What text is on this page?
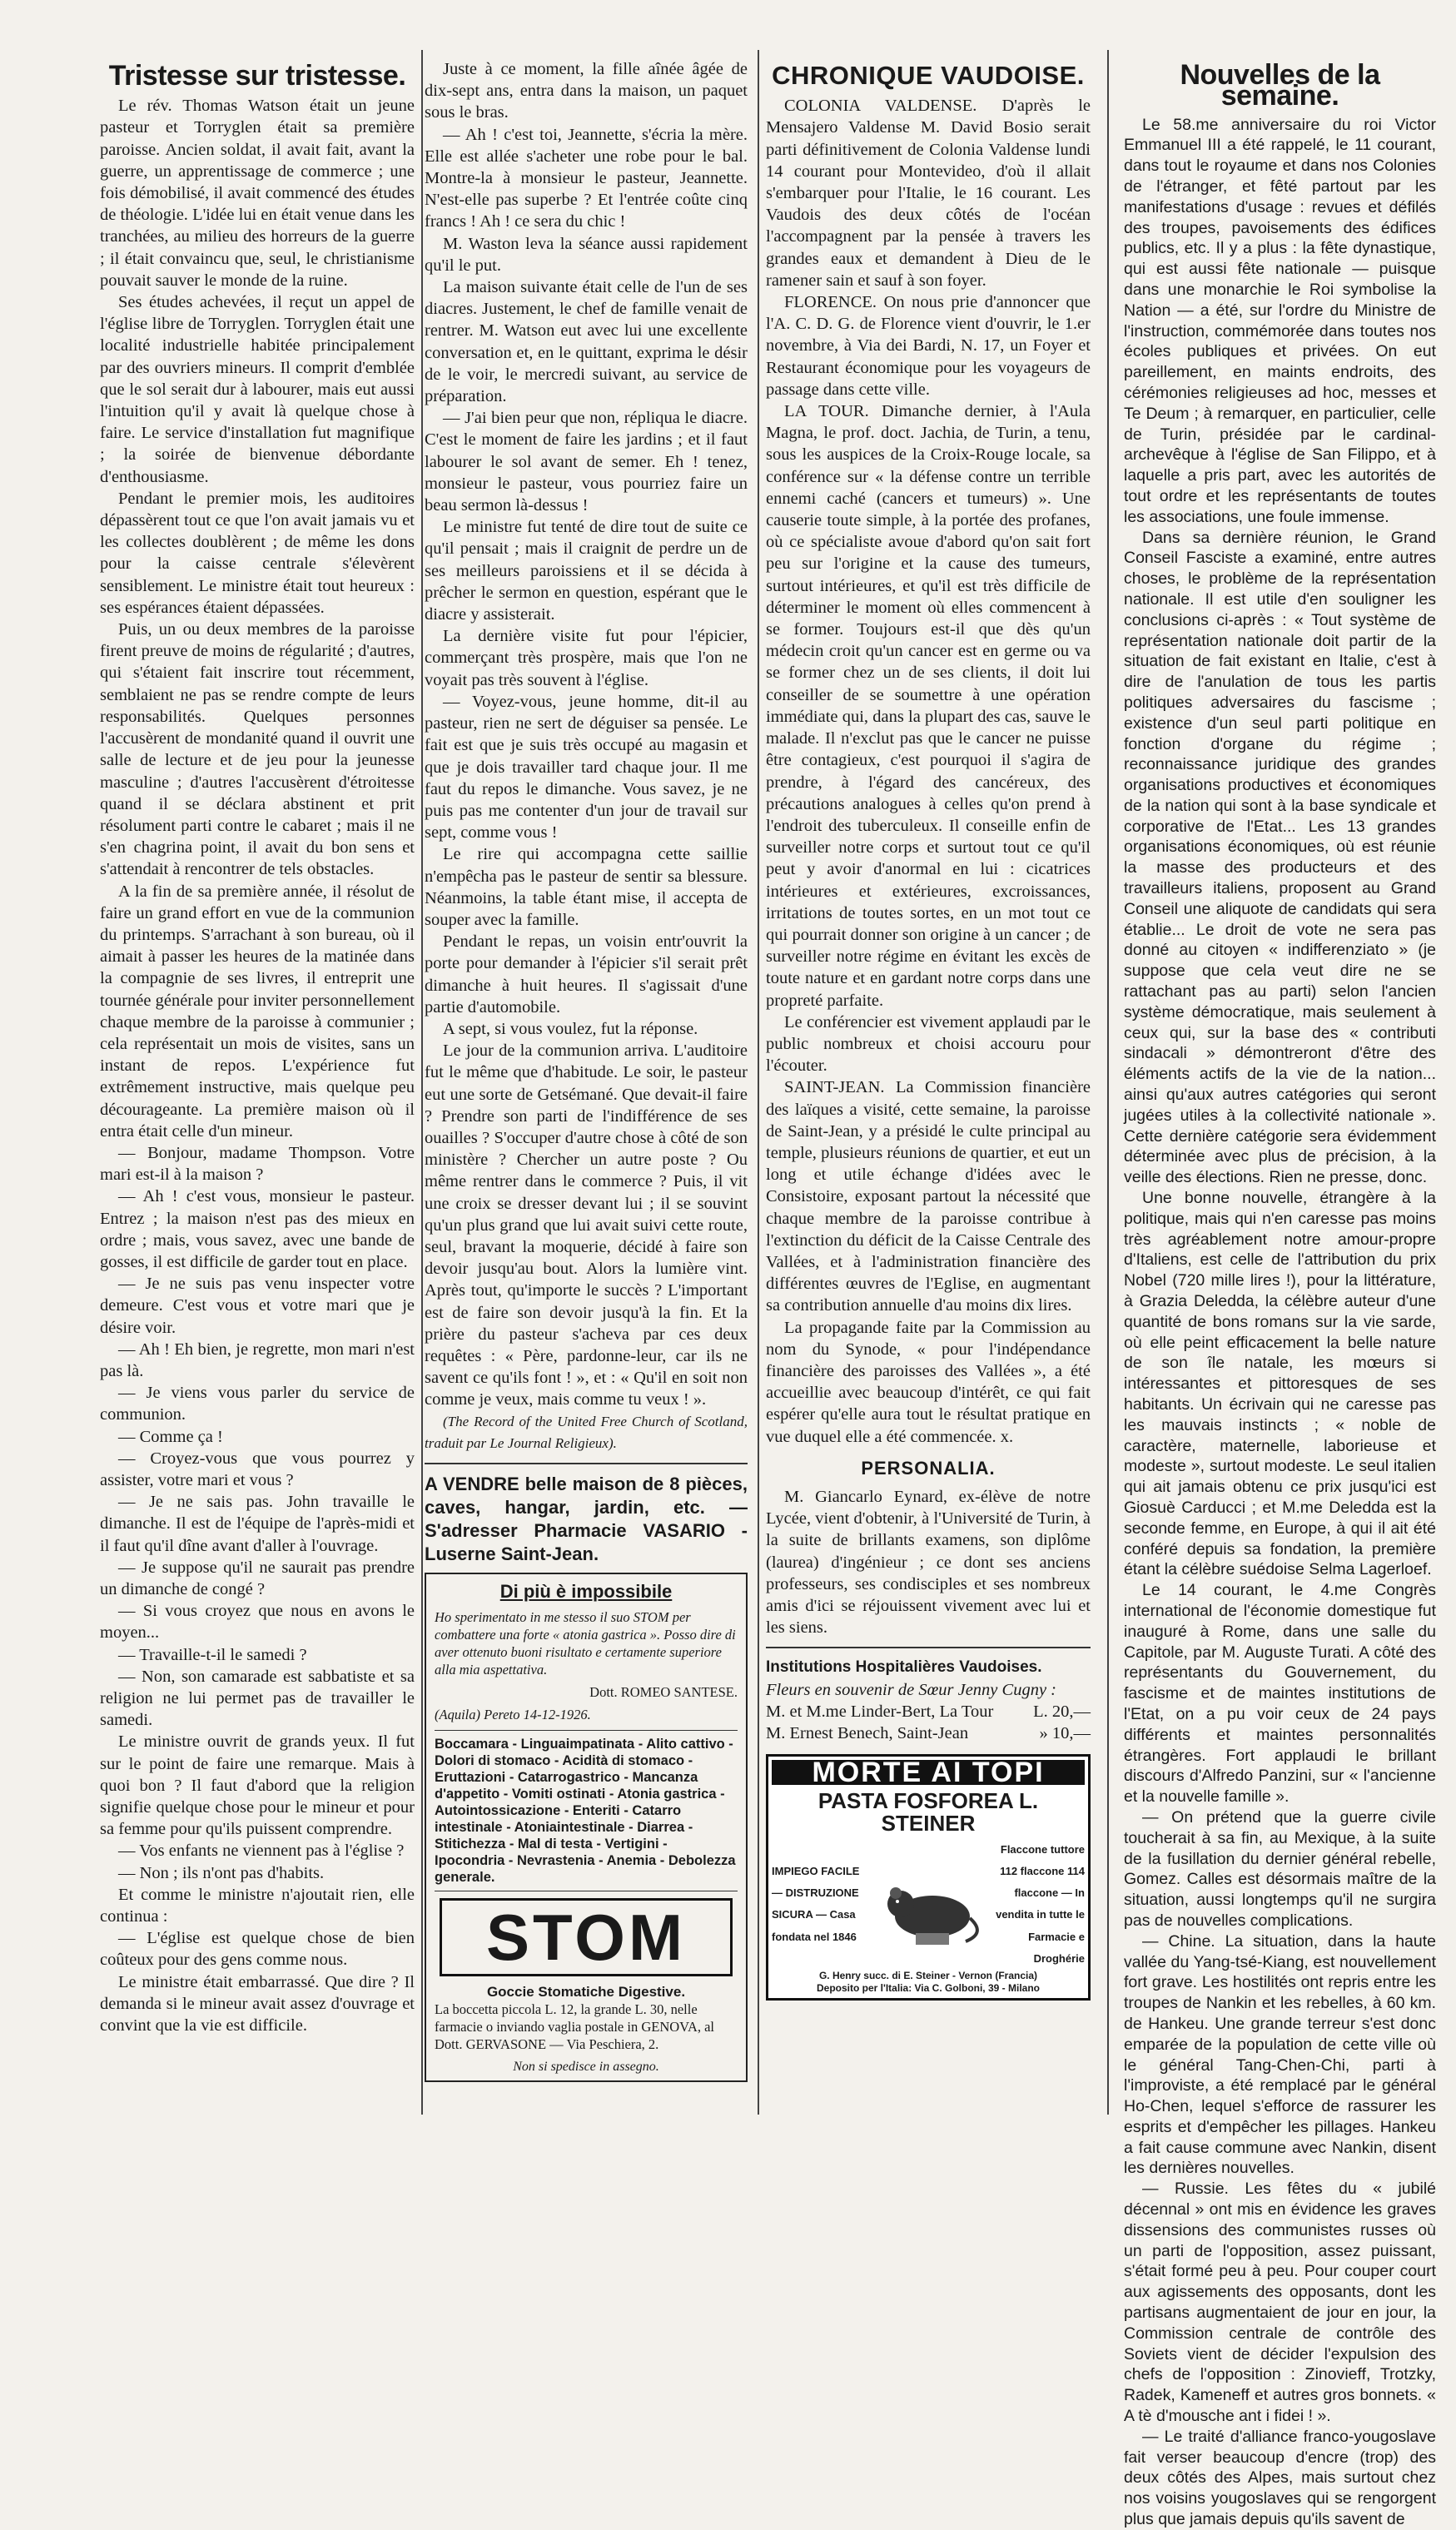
Tristesse sur tristesse.

Le rév. Thomas Watson était un jeune pasteur et Torryglen était sa première paroisse. Ancien soldat, il avait fait, avant la guerre, un apprentissage de commerce ; une fois démobilisé, il avait commencé des études de théologie. L'idée lui en était venue dans les tranchées, au milieu des horreurs de la guerre ; il était convaincu que, seul, le christianisme pouvait sauver le monde de la ruine.

Ses études achevées, il reçut un appel de l'église libre de Torryglen. Torryglen était une localité industrielle habitée principalement par des ouvriers mineurs. Il comprit d'emblée que le sol serait dur à labourer, mais eut aussi l'intuition qu'il y avait là quelque chose à faire. Le service d'installation fut magnifique ; la soirée de bienvenue débordante d'enthousiasme.

Pendant le premier mois, les auditoires dépassèrent tout ce que l'on avait jamais vu et les collectes doublèrent ; de même les dons pour la caisse centrale s'élevèrent sensiblement. Le ministre était tout heureux : ses espérances étaient dépassées.

Puis, un ou deux membres de la paroisse firent preuve de moins de régularité ; d'autres, qui s'étaient fait inscrire tout récemment, semblaient ne pas se rendre compte de leurs responsabilités. Quelques personnes l'accusèrent de mondanité quand il ouvrit une salle de lecture et de jeu pour la jeunesse masculine ; d'autres l'accusèrent d'étroitesse quand il se déclara abstinent et prit résolument parti contre le cabaret ; mais il ne s'en chagrina point, il avait du bon sens et s'attendait à rencontrer de tels obstacles.

A la fin de sa première année, il résolut de faire un grand effort en vue de la communion du printemps. S'arrachant à son bureau, où il aimait à passer les heures de la matinée dans la compagnie de ses livres, il entreprit une tournée générale pour inviter personnellement chaque membre de la paroisse à communier ; cela représentait un mois de visites, sans un instant de repos. L'expérience fut extrêmement instructive, mais quelque peu décourageante. La première maison où il entra était celle d'un mineur.

— Bonjour, madame Thompson. Votre mari est-il à la maison ?

— Ah ! c'est vous, monsieur le pasteur. Entrez ; la maison n'est pas des mieux en ordre ; mais, vous savez, avec une bande de gosses, il est difficile de garder tout en place.

— Je ne suis pas venu inspecter votre demeure. C'est vous et votre mari que je désire voir.

— Ah ! Eh bien, je regrette, mon mari n'est pas là.

— Je viens vous parler du service de communion.

— Comme ça !

— Croyez-vous que vous pourrez y assister, votre mari et vous ?

— Je ne sais pas. John travaille le dimanche. Il est de l'équipe de l'après-midi et il faut qu'il dîne avant d'aller à l'ouvrage.

— Je suppose qu'il ne saurait pas prendre un dimanche de congé ?

— Si vous croyez que nous en avons le moyen...

— Travaille-t-il le samedi ?

— Non, son camarade est sabbatiste et sa religion ne lui permet pas de travailler le samedi.

Le ministre ouvrit de grands yeux. Il fut sur le point de faire une remarque. Mais à quoi bon ? Il faut d'abord que la religion signifie quelque chose pour le mineur et pour sa femme pour qu'ils puissent comprendre.

— Vos enfants ne viennent pas à l'église ?

— Non ; ils n'ont pas d'habits.

Et comme le ministre n'ajoutait rien, elle continua :

— L'église est quelque chose de bien coûteux pour des gens comme nous.

Le ministre était embarrassé. Que dire ? Il demanda si le mineur avait assez d'ouvrage et convint que la vie est difficile.

Juste à ce moment, la fille aînée âgée de dix-sept ans, entra dans la maison, un paquet sous le bras.

— Ah ! c'est toi, Jeannette, s'écria la mère. Elle est allée s'acheter une robe pour le bal. Montre-la à monsieur le pasteur, Jeannette. N'est-elle pas superbe ? Et l'entrée coûte cinq francs ! Ah ! ce sera du chic !

M. Waston leva la séance aussi rapidement qu'il le put.

La maison suivante était celle de l'un de ses diacres. Justement, le chef de famille venait de rentrer. M. Watson eut avec lui une excellente conversation et, en le quittant, exprima le désir de le voir, le mercredi suivant, au service de préparation.

— J'ai bien peur que non, répliqua le diacre. C'est le moment de faire les jardins ; et il faut labourer le sol avant de semer. Eh ! tenez, monsieur le pasteur, vous pourriez faire un beau sermon là-dessus !

Le ministre fut tenté de dire tout de suite ce qu'il pensait ; mais il craignit de perdre un de ses meilleurs paroissiens et il se décida à prêcher le sermon en question, espérant que le diacre y assisterait.

La dernière visite fut pour l'épicier, commerçant très prospère, mais que l'on ne voyait pas très souvent à l'église.

— Voyez-vous, jeune homme, dit-il au pasteur, rien ne sert de déguiser sa pensée. Le fait est que je suis très occupé au magasin et que je dois travailler tard chaque jour. Il me faut du repos le dimanche. Vous savez, je ne puis pas me contenter d'un jour de travail sur sept, comme vous !

Le rire qui accompagna cette saillie n'empêcha pas le pasteur de sentir sa blessure. Néanmoins, la table étant mise, il accepta de souper avec la famille.

Pendant le repas, un voisin entr'ouvrit la porte pour demander à l'épicier s'il serait prêt dimanche à huit heures. Il s'agissait d'une partie d'automobile.

A sept, si vous voulez, fut la réponse.

Le jour de la communion arriva. L'auditoire fut le même que d'habitude. Le soir, le pasteur eut une sorte de Getsémané. Que devait-il faire ? Prendre son parti de l'indifférence de ses ouailles ? S'occuper d'autre chose à côté de son ministère ? Chercher un autre poste ? Ou même rentrer dans le commerce ? Puis, il vit une croix se dresser devant lui ; il se souvint qu'un plus grand que lui avait suivi cette route, seul, bravant la moquerie, décidé à faire son devoir jusqu'au bout. Alors la lumière vint. Après tout, qu'importe le succès ? L'important est de faire son devoir jusqu'à la fin. Et la prière du pasteur s'acheva par ces deux requêtes : « Père, pardonne-leur, car ils ne savent ce qu'ils font ! », et : « Qu'il en soit non comme je veux, mais comme tu veux ! ».

(The Record of the United Free Church of Scotland, traduit par Le Journal Religieux).

A VENDRE belle maison de 8 pièces, caves, hangar, jardin, etc. — S'adresser Pharmacie VASARIO - Luserne Saint-Jean.
Di più è impossibile
Ho sperimentato in me stesso il suo STOM per combattere una forte « atonia gastrica ». Posso dire di aver ottenuto buoni risultato e certamente superiore alla mia aspettativa.
Dott. ROMEO SANTESE.
(Aquila) Pereto 14-12-1926.
Boccamara - Linguaimpatinata - Alito cattivo - Dolori di stomaco - Acidità di stomaco - Eruttazioni - Catarrogastrico - Mancanza d'appetito - Vomiti ostinati - Atonia gastrica - Autointossicazione - Enteriti - Catarro intestinale - Atoniaintestinale - Diarrea - Stitichezza - Mal di testa - Vertigini - Ipocondria - Nevrastenia - Anemia - Debolezza generale.
STOM
Goccie Stomatiche Digestive.
La boccetta piccola L. 12, la grande L. 30, nelle farmacie o inviando vaglia postale in GENOVA, al Dott. GERVASONE — Via Peschiera, 2.
Non si spedisce in assegno.
CHRONIQUE VAUDOISE.

COLONIA VALDENSE. D'après le Mensajero Valdense M. David Bosio serait parti définitivement de Colonia Valdense lundi 14 courant pour Montevideo, d'où il allait s'embarquer pour l'Italie, le 16 courant. Les Vaudois des deux côtés de l'océan l'accompagnent par la pensée à travers les grandes eaux et demandent à Dieu de le ramener sain et sauf à son foyer.

FLORENCE. On nous prie d'annoncer que l'A. C. D. G. de Florence vient d'ouvrir, le 1.er novembre, à Via dei Bardi, N. 17, un Foyer et Restaurant économique pour les voyageurs de passage dans cette ville.

LA TOUR. Dimanche dernier, à l'Aula Magna, le prof. doct. Jachia, de Turin, a tenu, sous les auspices de la Croix-Rouge locale, sa conférence sur « la défense contre un terrible ennemi caché (cancers et tumeurs) ». Une causerie toute simple, à la portée des profanes, où ce spécialiste avoue d'abord qu'on sait fort peu sur l'origine et la cause des tumeurs, surtout intérieures, et qu'il est très difficile de déterminer le moment où elles commencent à se former. Toujours est-il que dès qu'un médecin croit qu'un cancer est en germe ou va se former chez un de ses clients, il doit lui conseiller de se soumettre à une opération immédiate qui, dans la plupart des cas, sauve le malade. Il n'exclut pas que le cancer ne puisse être contagieux, c'est pourquoi il s'agira de prendre, à l'égard des cancéreux, des précautions analogues à celles qu'on prend à l'endroit des tuberculeux. Il conseille enfin de surveiller notre corps et surtout tout ce qu'il peut y avoir d'anormal en lui : cicatrices intérieures et extérieures, excroissances, irritations de toutes sortes, en un mot tout ce qui pourrait donner son origine à un cancer ; de surveiller notre régime en évitant les excès de toute nature et en gardant notre corps dans une propreté parfaite.

Le conférencier est vivement applaudi par le public nombreux et choisi accouru pour l'écouter.

SAINT-JEAN. La Commission financière des laïques a visité, cette semaine, la paroisse de Saint-Jean, y a présidé le culte principal au temple, plusieurs réunions de quartier, et eut un long et utile échange d'idées avec le Consistoire, exposant partout la nécessité que chaque membre de la paroisse contribue à l'extinction du déficit de la Caisse Centrale des Vallées, et à l'administration financière des différentes œuvres de l'Eglise, en augmentant sa contribution annuelle d'au moins dix lires.

La propagande faite par la Commission au nom du Synode, « pour l'indépendance financière des paroisses des Vallées », a été accueillie avec beaucoup d'intérêt, ce qui fait espérer qu'elle aura tout le résultat pratique en vue duquel elle a été commencée. x.

PERSONALIA.

M. Giancarlo Eynard, ex-élève de notre Lycée, vient d'obtenir, à l'Université de Turin, à la suite de brillants examens, son diplôme (laurea) d'ingénieur ; ce dont ses anciens professeurs, ses condisciples et ses nombreux amis d'ici se réjouissent vivement avec lui et les siens.

Institutions Hospitalières Vaudoises.
Fleurs en souvenir de Sœur Jenny Cugny :
M. et M.me Linder-Bert, La Tour L. 20,—
M. Ernest Benech, Saint-Jean	» 10,—
MORTE AI TOPI
PASTA FOSFOREA L. STEINER
IMPIEGO FACILE — DISTRUZIONE SICURA — Casa fondata nel 1846
Flaccone tuttore 112 flaccone 114 flaccone — In vendita in tutte le Farmacie e Droghérie
G. Henry succ. di E. Steiner - Vernon (Francia)
Deposito per l'Italia: Via C. Golboni, 39 - Milano
Nouvelles de la semaine.

Le 58.me anniversaire du roi Victor Emmanuel III a été rappelé, le 11 courant, dans tout le royaume et dans nos Colonies de l'étranger, et fêté partout par les manifestations d'usage : revues et défilés des troupes, pavoisements des édifices publics, etc. Il y a plus : la fête dynastique, qui est aussi fête nationale — puisque dans une monarchie le Roi symbolise la Nation — a été, sur l'ordre du Ministre de l'instruction, commémorée dans toutes nos écoles publiques et privées. On eut pareillement, en maints endroits, des cérémonies religieuses ad hoc, messes et Te Deum ; à remarquer, en particulier, celle de Turin, présidée par le cardinal-archevêque à l'église de San Filippo, et à laquelle a pris part, avec les autorités de tout ordre et les représentants de toutes les associations, une foule immense.

Dans sa dernière réunion, le Grand Conseil Fasciste a examiné, entre autres choses, le problème de la représentation nationale. Il est utile d'en souligner les conclusions ci-après : « Tout système de représentation nationale doit partir de la situation de fait existant en Italie, c'est à dire de l'anulation de tous les partis politiques adversaires du fascisme ; existence d'un seul parti politique en fonction d'organe du régime ; reconnaissance juridique des grandes organisations productives et économiques de la nation qui sont à la base syndicale et corporative de l'Etat... Les 13 grandes organisations économiques, où est réunie la masse des producteurs et des travailleurs italiens, proposent au Grand Conseil une aliquote de candidats qui sera établie... Le droit de vote ne sera pas donné au citoyen « indifferenziato » (je suppose que cela veut dire ne se rattachant pas au parti) selon l'ancien système démocratique, mais seulement à ceux qui, sur la base des « contributi sindacali » démontreront d'être des éléments actifs de la vie de la nation... ainsi qu'aux autres catégories qui seront jugées utiles à la collectivité nationale ». Cette dernière catégorie sera évidemment déterminée avec plus de précision, à la veille des élections. Rien ne presse, donc.

Une bonne nouvelle, étrangère à la politique, mais qui n'en caresse pas moins très agréablement notre amour-propre d'Italiens, est celle de l'attribution du prix Nobel (720 mille lires !), pour la littérature, à Grazia Deledda, la célèbre auteur d'une quantité de bons romans sur la vie sarde, où elle peint efficacement la belle nature de son île natale, les mœurs si intéressantes et pittoresques de ses habitants. Un écrivain qui ne caresse pas les mauvais instincts ; « noble de caractère, maternelle, laborieuse et modeste », surtout modeste. Le seul italien qui ait jamais obtenu ce prix jusqu'ici est Giosuè Carducci ; et M.me Deledda est la seconde femme, en Europe, à qui il ait été conféré depuis sa fondation, la première étant la célèbre suédoise Selma Lagerloef.

Le 14 courant, le 4.me Congrès international de l'économie domestique fut inauguré à Rome, dans une salle du Capitole, par M. Auguste Turati. A côté des représentants du Gouvernement, du fascisme et de maintes institutions de l'Etat, on a pu voir ceux de 24 pays différents et maintes personnalités étrangères. Fort applaudi le brillant discours d'Alfredo Panzini, sur « l'ancienne et la nouvelle famille ».

— On prétend que la guerre civile toucherait à sa fin, au Mexique, à la suite de la fusillation du dernier général rebelle, Gomez. Calles est désormais maître de la situation, aussi longtemps qu'il ne surgira pas de nouvelles complications.

— Chine. La situation, dans la haute vallée du Yang-tsé-Kiang, est nouvellement fort grave. Les hostilités ont repris entre les troupes de Nankin et les rebelles, à 60 km. de Hankeu. Une grande terreur s'est donc emparée de la population de cette ville où le général Tang-Chen-Chi, parti à l'improviste, a été remplacé par le général Ho-Chen, lequel s'efforce de rassurer les esprits et d'empêcher les pillages. Hankeu a fait cause commune avec Nankin, disent les dernières nouvelles.

— Russie. Les fêtes du « jubilé décennal » ont mis en évidence les graves dissensions des communistes russes où un parti de l'opposition, assez puissant, s'était formé peu à peu. Pour couper court aux agissements des opposants, dont les partisans augmentaient de jour en jour, la Commission centrale de contrôle des Soviets vient de décider l'expulsion des chefs de l'opposition : Zinovieff, Trotzky, Radek, Kameneff et autres gros bonnets. « A tè d'mousche ant i fidei ! ».

— Le traité d'alliance franco-yougoslave fait verser beaucoup d'encre (trop) des deux côtés des Alpes, mais surtout chez nos voisins yougoslaves qui se rengorgent plus que jamais depuis qu'ils savent de
